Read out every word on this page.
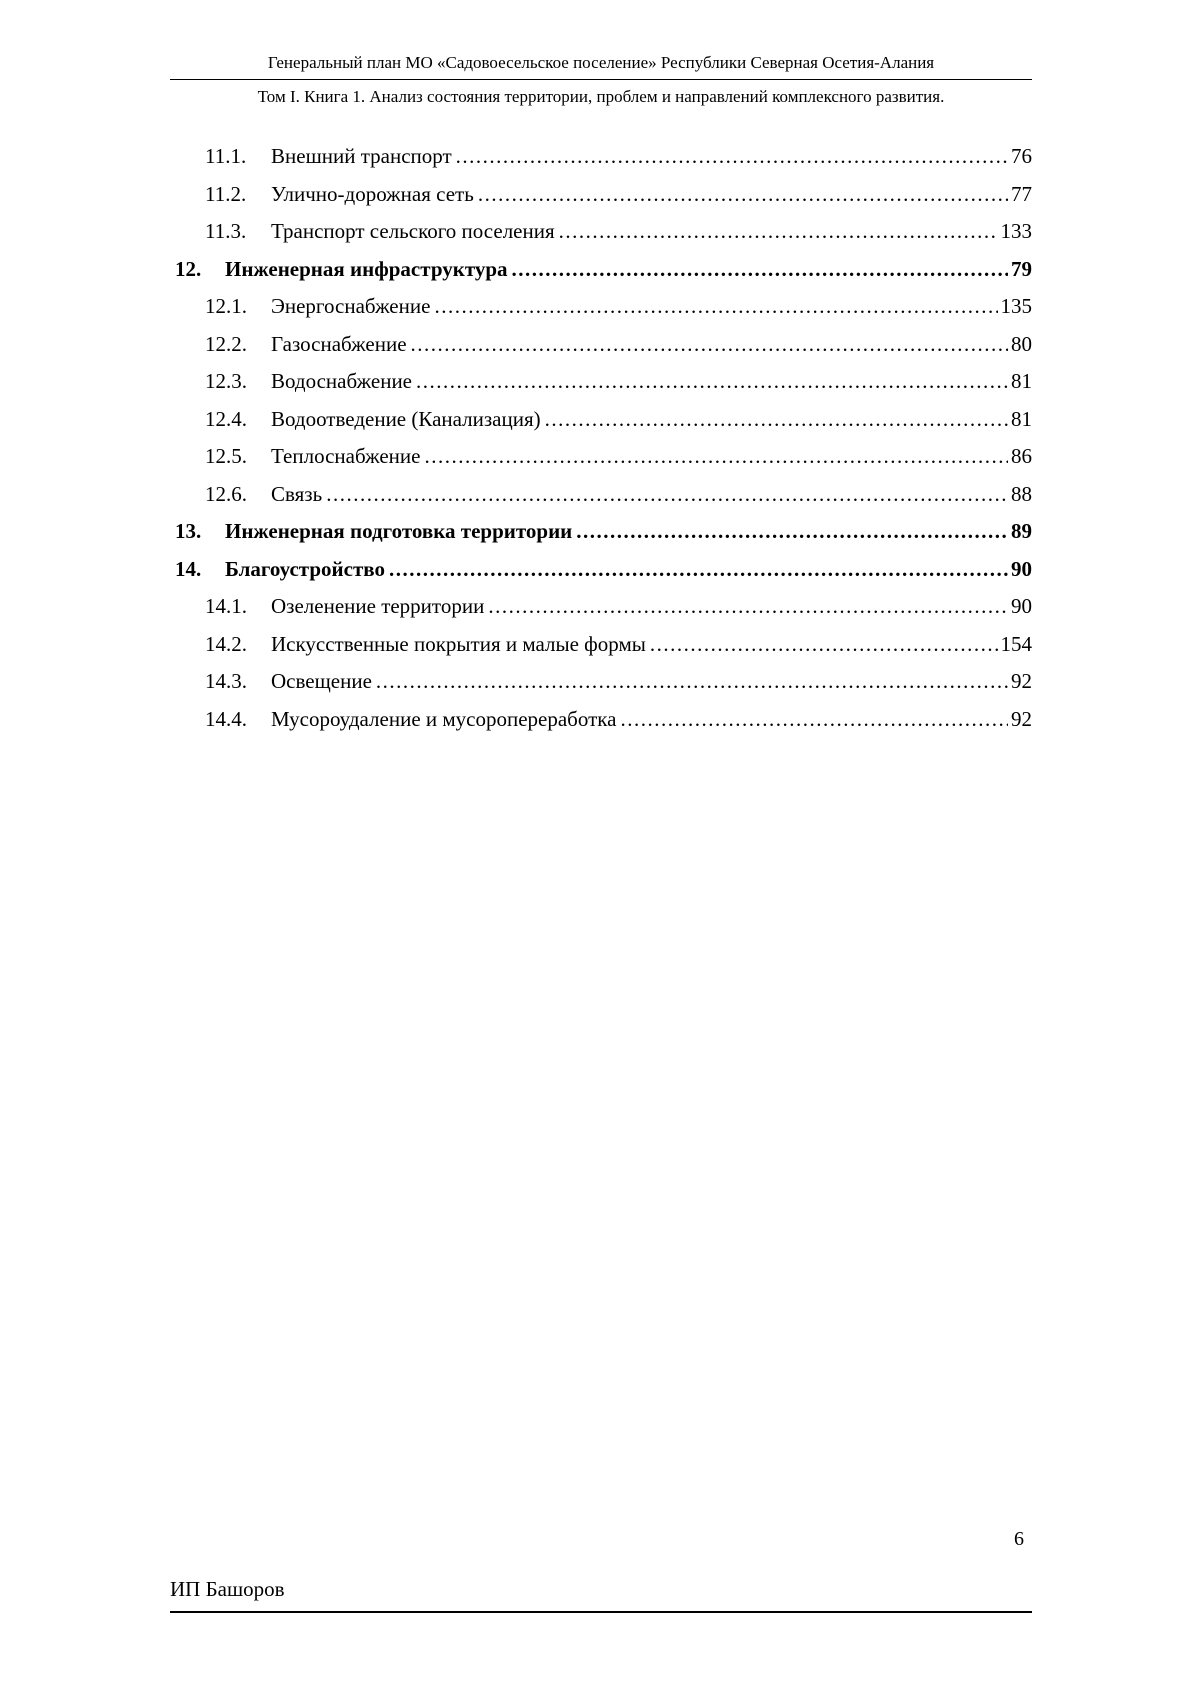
Генеральный план МО «Садовоесельское поселение» Республики Северная Осетия-Алания
Том I. Книга 1. Анализ состояния территории, проблем и направлений комплексного развития.
11.1.	Внешний транспорт .....	76
11.2.	Улично-дорожная сеть .....	77
11.3.	Транспорт сельского поселения .....	133
12.	Инженерная инфраструктура .....	79
12.1.	Энергоснабжение .....	135
12.2.	Газоснабжение .....	80
12.3.	Водоснабжение .....	81
12.4.	Водоотведение (Канализация) .....	81
12.5.	Теплоснабжение .....	86
12.6.	Связь .....	88
13.	Инженерная подготовка территории .....	89
14.	Благоустройство .....	90
14.1.	Озеленение территории .....	90
14.2.	Искусственные покрытия и малые формы .....	154
14.3.	Освещение .....	92
14.4.	Мусороудаление и мусоропереработка .....	92
6
ИП Башоров
